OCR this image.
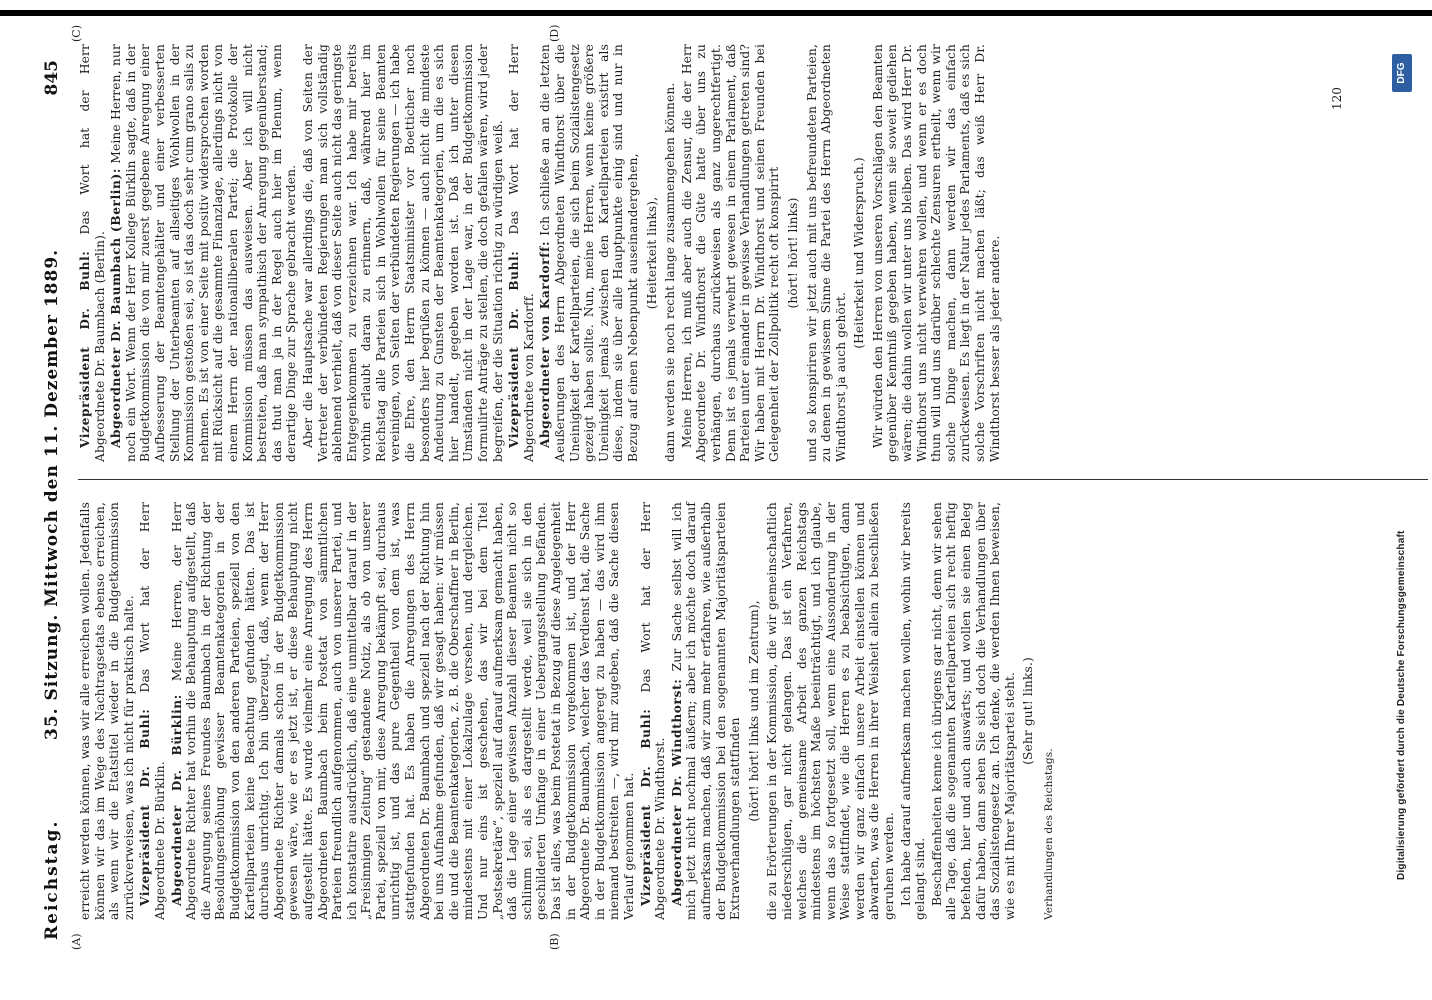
Reichstag.
35. Sitzung. Mittwoch den 11. Dezember 1889.
845
(A)	(B)
(C)	(D)

erreicht werden können, was wir alle erreichen wollen. Jedenfalls können wir das im Wege des Nachtragsetats ebenso erreichen, als wenn wir die Etatstitel wieder in die Budgetkommission zurückverweisen, was ich nicht für praktisch halte. Vizepräsident Dr. Buhl: Das Wort hat der Herr Abgeordnete Dr. Bürklin. Abgeordneter Dr. Bürklin: Meine Herren, der Herr Abgeordnete Richter hat vorhin die Behauptung aufgestellt, daß die Anregung seines Freundes Baumbach in der Richtung der Besoldungserhöhung gewisser Beamtenkategorien in der Budgetkommission von den anderen Parteien, speziell von den Kartellparteien keine Beachtung gefunden hätten. Das ist durchaus unrichtig. Ich bin überzeugt, daß, wenn der Herr Abgeordnete Richter damals schon in der Budgetkommission gewesen wäre, wie er es jetzt ist, er diese Behauptung nicht aufgestellt hätte. Es wurde vielmehr eine Anregung des Herrn Abgeordneten Baumbach beim Postetat von sämmtlichen Parteien freundlich aufgenommen, auch von unserer Partei, und ich konstatire ausdrücklich, daß eine unmittelbar darauf in der „Freisinnigen Zeitung“ gestandene Notiz, als ob von unserer Partei, speziell von mir, diese Anregung bekämpft sei, durchaus unrichtig ist, und das pure Gegentheil von dem ist, was stattgefunden hat. Es haben die Anregungen des Herrn Abgeordneten Dr. Baumbach und speziell nach der Richtung hin bei uns Aufnahme gefunden, daß wir gesagt haben: wir müssen die und die Beamtenkategorien, z. B. die Oberschaffner in Berlin, mindestens mit einer Lokalzulage versehen, und dergleichen. Und nur eins ist geschehen, das wir bei dem Titel „Postsekretäre“, speziell auf darauf aufmerksam gemacht haben, daß die Lage einer gewissen Anzahl dieser Beamten nicht so schlimm sei, als es dargestellt werde, weil sie sich in den geschilderten Umfange in einer Uebergangsstellung befänden. Das ist alles, was beim Postetat in Bezug auf diese Angelegenheit in der Budgetkommission vorgekommen ist, und der Herr Abgeordnete Dr. Baumbach, welcher das Verdienst hat, die Sache in der Budgetkommission angeregt zu haben — das wird ihm niemand bestreiten —, wird mir zugeben, daß die Sache diesen Verlauf genommen hat. Vizepräsident Dr. Buhl: Das Wort hat der Herr Abgeordnete Dr. Windthorst. Abgeordneter Dr. Windthorst: Zur Sache selbst will ich mich jetzt nicht nochmal äußern; aber ich möchte doch darauf aufmerksam machen, daß wir zum mehr erfahren, wie außerhalb der Budgetkommission bei den sogenannten Majoritätsparteien Extraverhandlungen stattfinden (hört! hört! links und im Zentrum), die zu Erörterungen in der Kommission, die wir gemeinschaftlich niederschlügen, gar nicht gelangen. Das ist ein Verfahren, welches die gemeinsame Arbeit des ganzen Reichstags mindestens im höchsten Maße beeinträchtigt, und ich glaube, wenn das so fortgesetzt soll, wenn eine Aussonderung in der Weise stattfindet, wie die Herren es zu beabsichtigen, dann werden wir ganz einfach unsere Arbeit einstellen können und abwarten, was die Herren in ihrer Weisheit allein zu beschließen geruhen werden. Ich habe darauf aufmerksam machen wollen, wohin wir bereits gelangt sind. Beschaffenheiten kenne ich übrigens gar nicht, denn wir sehen alle Tage, daß die sogenannten Kartellparteien sich recht heftig befehden, hier und auch auswärts; und wollen sie einen Beleg dafür haben, dann sehen Sie sich doch die Verhandlungen über das Sozialistengesetz an. Ich denke, die werden Ihnen beweisen, wie es mit Ihrer Majoritätspartei steht. (Sehr gut! links.)

Verhandlungen des Reichstags.

Vizepräsident Dr. Buhl: Das Wort hat der Herr Abgeordnete Dr. Baumbach (Berlin). Abgeordneter Dr. Baumbach (Berlin): Meine Herren, nur noch ein Wort. Wenn der Herr Kollege Bürklin sagte, daß in der Budgetkommission die von mir zuerst gegebene Anregung einer Aufbesserung der Beamtengehälter und einer verbesserten Stellung der Unterbeamten auf allseitiges Wohlwollen in der Kommission gestoßen sei, so ist das doch sehr cum grano salis zu nehmen. Es ist von einer Seite mit positiv widersprochen worden mit Rücksicht auf die gesammte Finanzlage, allerdings nicht von einem Herrn der nationalliberalen Partei; die Protokolle der Kommission müssen das ausweisen. Aber ich will nicht bestreiten, daß man sympathisch der Anregung gegenüberstand; das thut man ja in der Regel auch hier im Plenum, wenn derartige Dinge zur Sprache gebracht werden. Aber die Hauptsache war allerdings die, daß von Seiten der Vertreter der verbündeten Regierungen man sich vollständig ablehnend verhielt, daß von dieser Seite auch nicht das geringste Entgegenkommen zu verzeichnen war. Ich habe mir bereits vorhin erlaubt daran zu erinnern, daß, während hier im Reichstag alle Parteien sich in Wohlwollen für seine Beamten vereinigen, von Seiten der verbündeten Regierungen — ich habe die Ehre, den Herrn Staatsminister vor Boetticher noch besonders hier begrüßen zu können — auch nicht die mindeste Andeutung zu Gunsten der Beamtenkategorien, um die es sich hier handelt, gegeben worden ist. Daß ich unter diesen Umständen nicht in der Lage war, in der Budgetkommission formulirte Anträge zu stellen, die doch gefallen wären, wird jeder begreifen, der die Situation richtig zu würdigen weiß. Vizepräsident Dr. Buhl: Das Wort hat der Herr Abgeordnete von Kardorff. Abgeordneter von Kardorff: Ich schließe an an die letzten Aeußerungen des Herrn Abgeordneten Windthorst über die Uneinigkeit der Kartellparteien, die sich beim Sozialistengesetz gezeigt haben sollte. Nun, meine Herren, wenn keine größere Uneinigkeit jemals zwischen den Kartellparteien existirt als diese, indem sie über alle Hauptpunkte einig sind und nur in Bezug auf einen Nebenpunkt auseinandergehen, (Heiterkeit links), dann werden sie noch recht lange zusammengehen können. Meine Herren, ich muß aber auch die Zensur, die der Herr Abgeordnete Dr. Windthorst die Güte hatte über uns zu verhängen, durchaus zurückweisen als ganz ungerechtfertigt. Denn ist es jemals verwehrt gewesen in einem Parlament, daß Parteien unter einander in gewisse Verhandlungen getreten sind? Wir haben mit Herrn Dr. Windthorst und seinen Freunden bei Gelegenheit der Zollpolitik recht oft konspirirt (hört! hört! links) und so konspiriren wir jetzt auch mit uns befreundeten Parteien, zu denen in gewissem Sinne die Partei des Herrn Abgeordneten Windthorst ja auch gehört.

(Heiterkeit und Widerspruch.) Wir würden den Herren von unseren Vorschlägen den Beamten gegenüber Kenntniß gegeben haben, wenn sie soweit gediehen wären; die dahin wollen wir unter uns bleiben. Das wird Herr Dr. Windthorst uns nicht verwehren wollen, und wenn er es doch thun will und uns darüber schlechte Zensuren ertheilt, wenn wir solche Dinge machen, dann werden wir das einfach zurückweisen. Es liegt in der Natur jedes Parlaments, daß es sich solche Vorschriften nicht machen läßt; das weiß Herr Dr. Windthorst besser als jeder andere.

120
Digitalisierung gefördert durch die Deutsche Forschungsgemeinschaft
DFG
